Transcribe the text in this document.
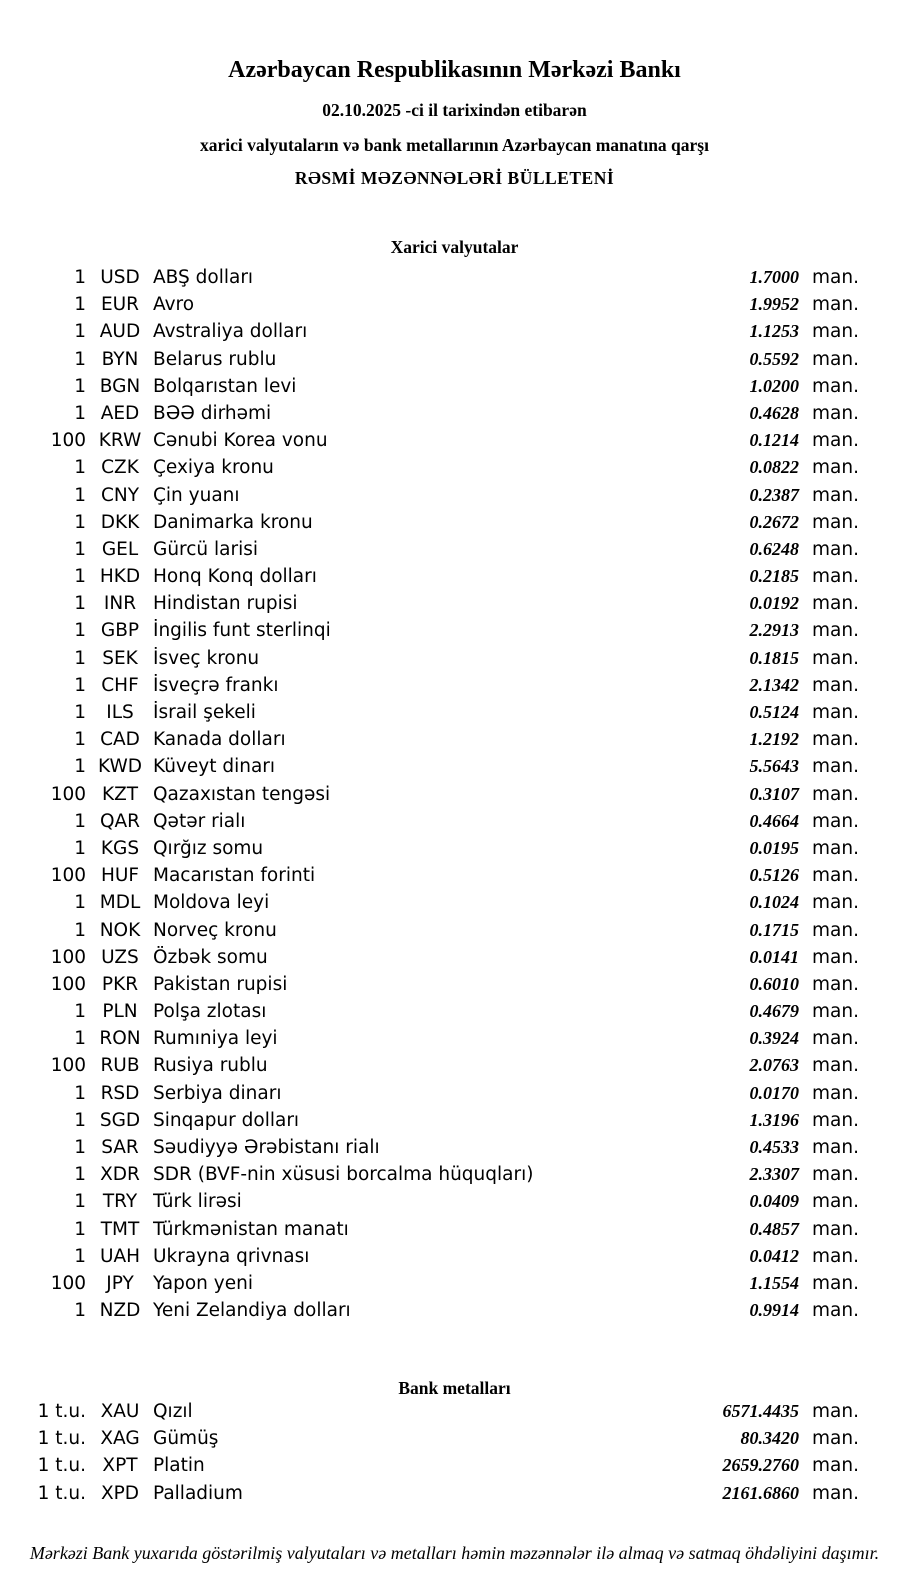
Azərbaycan Respublikasının Mərkəzi Bankı
02.10.2025 -ci il tarixindən etibarən
xarici valyutaların və bank metallarının Azərbaycan manatına qarşı
RƏSMİ MƏZƏNNƏLƏRİ BÜLLETENİ
Xarici valyutalar
1 USD ABŞ dolları	1.7000 man.
1 EUR Avro	1.9952 man.
1 AUD Avstraliya dolları	1.1253 man.
1 BYN Belarus rublu	0.5592 man.
1 BGN Bolqarıstan levi	1.0200 man.
1 AED BƏƏ dirhəmi	0.4628 man.
100 KRW Cənubi Korea vonu	0.1214 man.
1 CZK Çexiya kronu	0.0822 man.
1 CNY Çin yuanı	0.2387 man.
1 DKK Danimarka kronu	0.2672 man.
1 GEL Gürcü larisi	0.6248 man.
1 HKD Honq Konq dolları	0.2185 man.
1 INR Hindistan rupisi	0.0192 man.
1 GBP İngilis funt sterlinqi	2.2913 man.
1 SEK İsveç kronu	0.1815 man.
1 CHF İsveçrə frankı	2.1342 man.
1	ILS	İsrail şekeli	0.5124 man.
1 CAD Kanada dolları	1.2192 man.
1 KWD Küveyt dinarı	5.5643 man.
100 KZT Qazaxıstan tengəsi	0.3107 man.
1 QAR Qətər rialı	0.4664 man.
1 KGS Qırğız somu	0.0195 man.
100 HUF Macarıstan forinti	0.5126 man.
1 MDL Moldova leyi	0.1024 man.
1 NOK Norveç kronu	0.1715 man.
100 UZS Özbək somu	0.0141 man.
100 PKR Pakistan rupisi	0.6010 man.
1 PLN Polşa zlotası	0.4679 man.
1 RON Rumıniya leyi	0.3924 man.
100 RUB Rusiya rublu	2.0763 man.
1 RSD Serbiya dinarı	0.0170 man.
1 SGD Sinqapur dolları	1.3196 man.
1 SAR Səudiyyə Ərəbistanı rialı	0.4533 man.
1 XDR SDR (BVF-nin xüsusi borcalma hüquqları)	2.3307 man.
1 TRY Türk lirəsi	0.0409 man.
1 TMT Türkmənistan manatı	0.4857 man.
1 UAH Ukrayna qrivnası	0.0412 man.
100	JPY	Yapon yeni	1.1554 man.
1 NZD Yeni Zelandiya dolları	0.9914 man.
Bank metalları
1 t.u. XAU Qızıl	6571.4435 man.
1 t.u. XAG Gümüş	80.3420 man.
1 t.u. XPT Platin	2659.2760 man.
1 t.u. XPD Palladium	2161.6860 man.
Mərkəzi Bank yuxarıda göstərilmiş valyutaları və metalları həmin məzənnələr ilə almaq və satmaq öhdəliyini daşımır.
